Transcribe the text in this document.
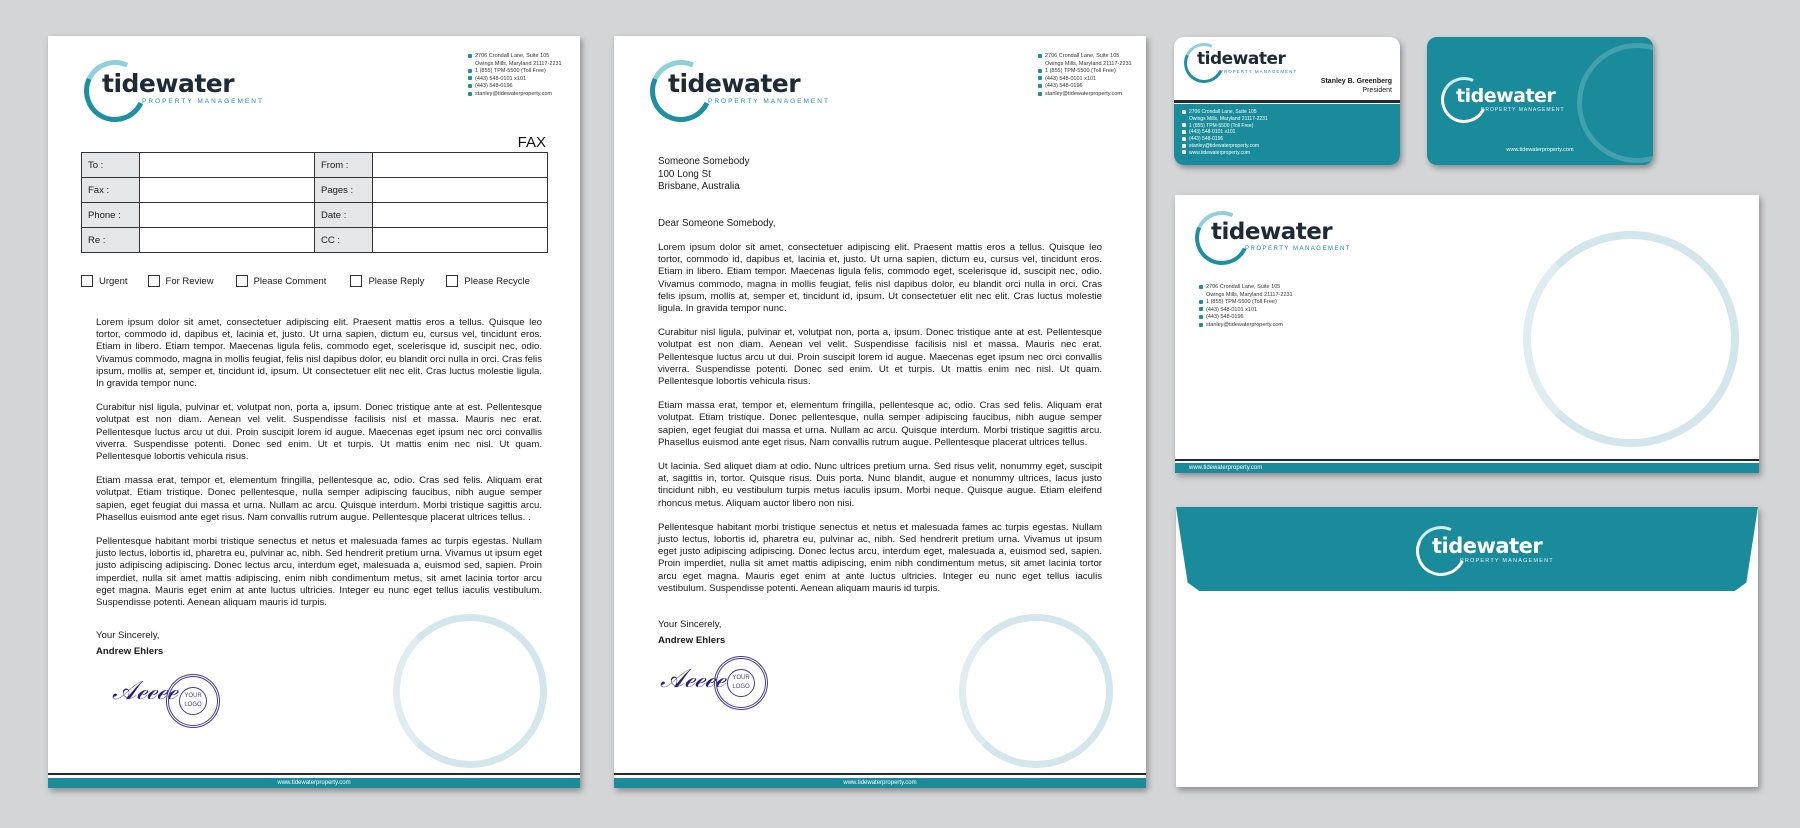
tidewater
PROPERTY MANAGEMENT
2706 Crondall Lane, Suite 105
Owings Mills, Maryland 21117-2231
1 (855) TPM-5500 (Toll Free)
(443) 548-0101 x101
(443) 548-0196
stanley@tidewaterproperty.com
FAX
To :		From :	
Fax :		Pages :	
Phone :		Date :	
Re :		CC :	
Urgent	For Review	Please Comment	Please Reply	Please Recycle

Lorem ipsum dolor sit amet, consectetuer adipiscing elit. Praesent mattis eros a tellus. Quisque leo tortor, commodo id, dapibus et, lacinia et, justo. Ut urna sapien, dictum eu, cursus vel, tincidunt eros. Etiam in libero. Etiam tempor. Maecenas ligula felis, commodo eget, scelerisque id, suscipit nec, odio. Vivamus commodo, magna in mollis feugiat, felis nisl dapibus dolor, eu blandit orci nulla in orci. Cras felis ipsum, mollis at, semper et, tincidunt id, ipsum. Ut consectetuer elit nec elit. Cras luctus molestie ligula. In gravida tempor nunc.

Curabitur nisl ligula, pulvinar et, volutpat non, porta a, ipsum. Donec tristique ante at est. Pellentesque volutpat est non diam. Aenean vel velit. Suspendisse facilisis nisl et massa. Mauris nec erat. Pellentesque luctus arcu ut dui. Proin suscipit lorem id augue. Maecenas eget ipsum nec orci convallis viverra. Suspendisse potenti. Donec sed enim. Ut et turpis. Ut mattis enim nec nisl. Ut quam. Pellentesque lobortis vehicula risus.

Etiam massa erat, tempor et, elementum fringilla, pellentesque ac, odio. Cras sed felis. Aliquam erat volutpat. Etiam tristique. Donec pellentesque, nulla semper adipiscing faucibus, nibh augue semper sapien, eget feugiat dui massa et urna. Nullam ac arcu. Quisque interdum. Morbi tristique sagittis arcu. Phasellus euismod ante eget risus. Nam convallis rutrum augue. Pellentesque placerat ultrices tellus. .

Pellentesque habitant morbi tristique senectus et netus et malesuada fames ac turpis egestas. Nullam justo lectus, lobortis id, pharetra eu, pulvinar ac, nibh. Sed hendrerit pretium urna. Vivamus ut ipsum eget justo adipiscing adipiscing. Donec lectus arcu, interdum eget, malesuada a, euismod sed, sapien. Proin imperdiet, nulla sit amet mattis adipiscing, enim nibh condimentum metus, sit amet lacinia tortor arcu eget magna. Mauris eget enim at ante luctus ultricies. Integer eu nunc eget tellus iaculis vestibulum. Suspendisse potenti. Aenean aliquam mauris id turpis.

Your Sincerely,
Andrew Ehlers
𝒜ℯℯℯℯ	YOUR LOGO
www.tidewaterproperty.com
tidewater
PROPERTY MANAGEMENT
2706 Crondall Lane, Suite 105
Owings Mills, Maryland 21117-2231
1 (855) TPM-5500 (Toll Free)
(443) 548-0101 x101
(443) 548-0196
stanley@tidewaterproperty.com
Someone Somebody
100 Long St
Brisbane, Australia
Dear Someone Somebody,

Lorem ipsum dolor sit amet, consectetuer adipiscing elit. Praesent mattis eros a tellus. Quisque leo tortor, commodo id, dapibus et, lacinia et, justo. Ut urna sapien, dictum eu, cursus vel, tincidunt eros. Etiam in libero. Etiam tempor. Maecenas ligula felis, commodo eget, scelerisque id, suscipit nec, odio. Vivamus commodo, magna in mollis feugiat, felis nisl dapibus dolor, eu blandit orci nulla in orci. Cras felis ipsum, mollis at, semper et, tincidunt id, ipsum. Ut consectetuer elit nec elit. Cras luctus molestie ligula. In gravida tempor nunc.

Curabitur nisl ligula, pulvinar et, volutpat non, porta a, ipsum. Donec tristique ante at est. Pellentesque volutpat est non diam. Aenean vel velit. Suspendisse facilisis nisl et massa. Mauris nec erat. Pellentesque luctus arcu ut dui. Proin suscipit lorem id augue. Maecenas eget ipsum nec orci convallis viverra. Suspendisse potenti. Donec sed enim. Ut et turpis. Ut mattis enim nec nisl. Ut quam. Pellentesque lobortis vehicula risus.

Etiam massa erat, tempor et, elementum fringilla, pellentesque ac, odio. Cras sed felis. Aliquam erat volutpat. Etiam tristique. Donec pellentesque, nulla semper adipiscing faucibus, nibh augue semper sapien, eget feugiat dui massa et urna. Nullam ac arcu. Quisque interdum. Morbi tristique sagittis arcu. Phasellus euismod ante eget risus. Nam convallis rutrum augue. Pellentesque placerat ultrices tellus.

Ut lacinia. Sed aliquet diam at odio. Nunc ultrices pretium urna. Sed risus velit, nonummy eget, suscipit at, sagittis in, tortor. Quisque risus. Duis porta. Nunc blandit, augue et nonummy ultrices, lacus justo tincidunt nibh, eu vestibulum turpis metus iaculis ipsum. Morbi neque. Quisque augue. Etiam eleifend rhoncus metus. Aliquam auctor libero non nisi.

Pellentesque habitant morbi tristique senectus et netus et malesuada fames ac turpis egestas. Nullam justo lectus, lobortis id, pharetra eu, pulvinar ac, nibh. Sed hendrerit pretium urna. Vivamus ut ipsum eget justo adipiscing adipiscing. Donec lectus arcu, interdum eget, malesuada a, euismod sed, sapien. Proin imperdiet, nulla sit amet mattis adipiscing, enim nibh condimentum metus, sit amet lacinia tortor arcu eget magna. Mauris eget enim at ante luctus ultricies. Integer eu nunc eget tellus iaculis vestibulum. Suspendisse potenti. Aenean aliquam mauris id turpis.

Your Sincerely,
Andrew Ehlers
𝒜ℯℯℯℯ	YOUR LOGO
www.tidewaterproperty.com
tidewater
PROPERTY MANAGEMENT
Stanley B. Greenberg
President
2706 Crondall Lane, Suite 105
Owings Mills, Maryland 21117-2231
1 (855) TPM-5500 (Toll Free)
(443) 548-0101 x101
(443) 548-0196
stanley@tidewaterproperty.com
www.tidewaterproperty.com
tidewater
PROPERTY MANAGEMENT
www.tidewaterproperty.com
tidewater
PROPERTY MANAGEMENT
2706 Crondall Lane, Suite 105
Owings Mills, Maryland 21117-2231
1 (855) TPM-5500 (Toll Free)
(443) 548-0101 x101
(443) 548-0196
stanley@tidewaterproperty.com
www.tidewaterproperty.com
tidewater
PROPERTY MANAGEMENT
